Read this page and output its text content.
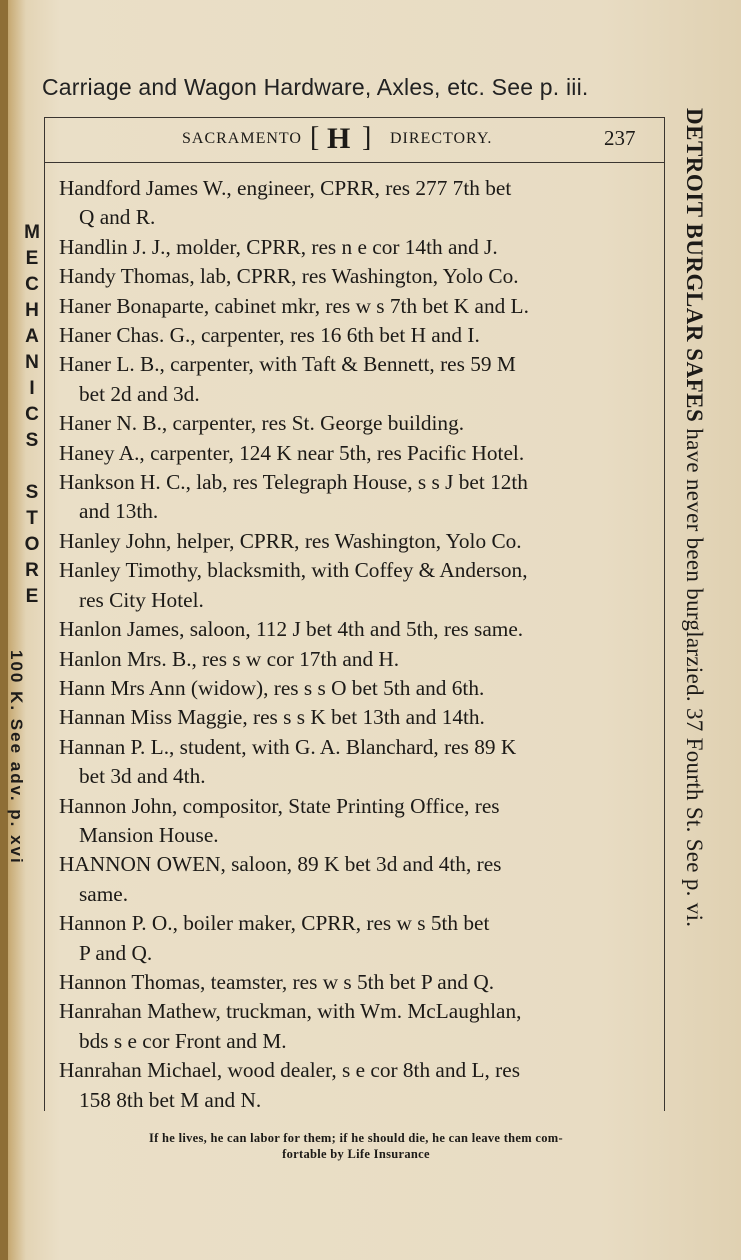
Carriage and Wagon Hardware, Axles, etc. See p. iii.
SACRAMENTO [ H ] DIRECTORY.	237
Handford James W., engineer, CPRR, res 277 7th bet
Q and R.
Handlin J. J., molder, CPRR, res n e cor 14th and J.
Handy Thomas, lab, CPRR, res Washington, Yolo Co.
Haner Bonaparte, cabinet mkr, res w s 7th bet K and L.
Haner Chas. G., carpenter, res 16 6th bet H and I.
Haner L. B., carpenter, with Taft & Bennett, res 59 M
bet 2d and 3d.
Haner N. B., carpenter, res St. George building.
Haney A., carpenter, 124 K near 5th, res Pacific Hotel.
Hankson H. C., lab, res Telegraph House, s s J bet 12th
and 13th.
Hanley John, helper, CPRR, res Washington, Yolo Co.
Hanley Timothy, blacksmith, with Coffey & Anderson,
res City Hotel.
Hanlon James, saloon, 112 J bet 4th and 5th, res same.
Hanlon Mrs. B., res s w cor 17th and H.
Hann Mrs Ann (widow), res s s O bet 5th and 6th.
Hannan Miss Maggie, res s s K bet 13th and 14th.
Hannan P. L., student, with G. A. Blanchard, res 89 K
bet 3d and 4th.
Hannon John, compositor, State Printing Office, res
Mansion House.
HANNON OWEN, saloon, 89 K bet 3d and 4th, res
same.
Hannon P. O., boiler maker, CPRR, res w s 5th bet
P and Q.
Hannon Thomas, teamster, res w s 5th bet P and Q.
Hanrahan Mathew, truckman, with Wm. McLaughlan,
bds s e cor Front and M.
Hanrahan Michael, wood dealer, s e cor 8th and L, res
158 8th bet M and N.
M
E
C
H
A
N
I
C
S
S
T
O
R
E
100 K. See adv. p. xvi
DETROIT BURGLAR SAFES have never been burglarzied. 37 Fourth St. See p. vi.
If he lives, he can labor for them; if he should die, he can leave them com-
fortable by Life Insurance
